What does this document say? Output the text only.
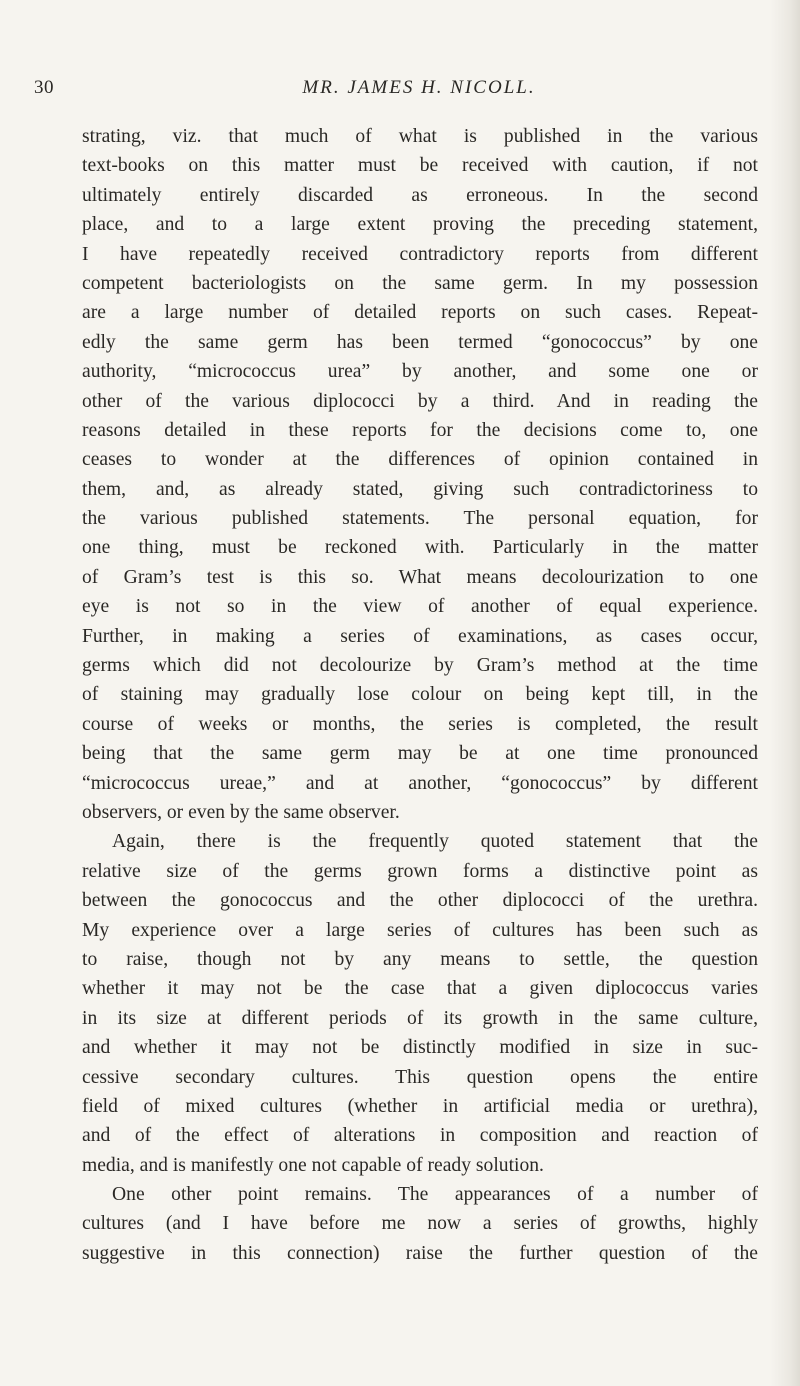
30	MR. JAMES H. NICOLL.
strating, viz. that much of what is published in the various
text-books on this matter must be received with caution, if not
ultimately entirely discarded as erroneous. In the second
place, and to a large extent proving the preceding statement,
I have repeatedly received contradictory reports from different
competent bacteriologists on the same germ. In my possession
are a large number of detailed reports on such cases. Repeat-
edly the same germ has been termed “gonococcus” by one
authority, “micrococcus urea” by another, and some one or
other of the various diplococci by a third. And in reading the
reasons detailed in these reports for the decisions come to, one
ceases to wonder at the differences of opinion contained in
them, and, as already stated, giving such contradictoriness to
the various published statements. The personal equation, for
one thing, must be reckoned with. Particularly in the matter
of Gram’s test is this so. What means decolourization to one
eye is not so in the view of another of equal experience.
Further, in making a series of examinations, as cases occur,
germs which did not decolourize by Gram’s method at the time
of staining may gradually lose colour on being kept till, in the
course of weeks or months, the series is completed, the result
being that the same germ may be at one time pronounced
“micrococcus ureae,” and at another, “gonococcus” by different
observers, or even by the same observer.
Again, there is the frequently quoted statement that the
relative size of the germs grown forms a distinctive point as
between the gonococcus and the other diplococci of the urethra.
My experience over a large series of cultures has been such as
to raise, though not by any means to settle, the question
whether it may not be the case that a given diplococcus varies
in its size at different periods of its growth in the same culture,
and whether it may not be distinctly modified in size in suc-
cessive secondary cultures. This question opens the entire
field of mixed cultures (whether in artificial media or urethra),
and of the effect of alterations in composition and reaction of
media, and is manifestly one not capable of ready solution.
One other point remains. The appearances of a number of
cultures (and I have before me now a series of growths, highly
suggestive in this connection) raise the further question of the
